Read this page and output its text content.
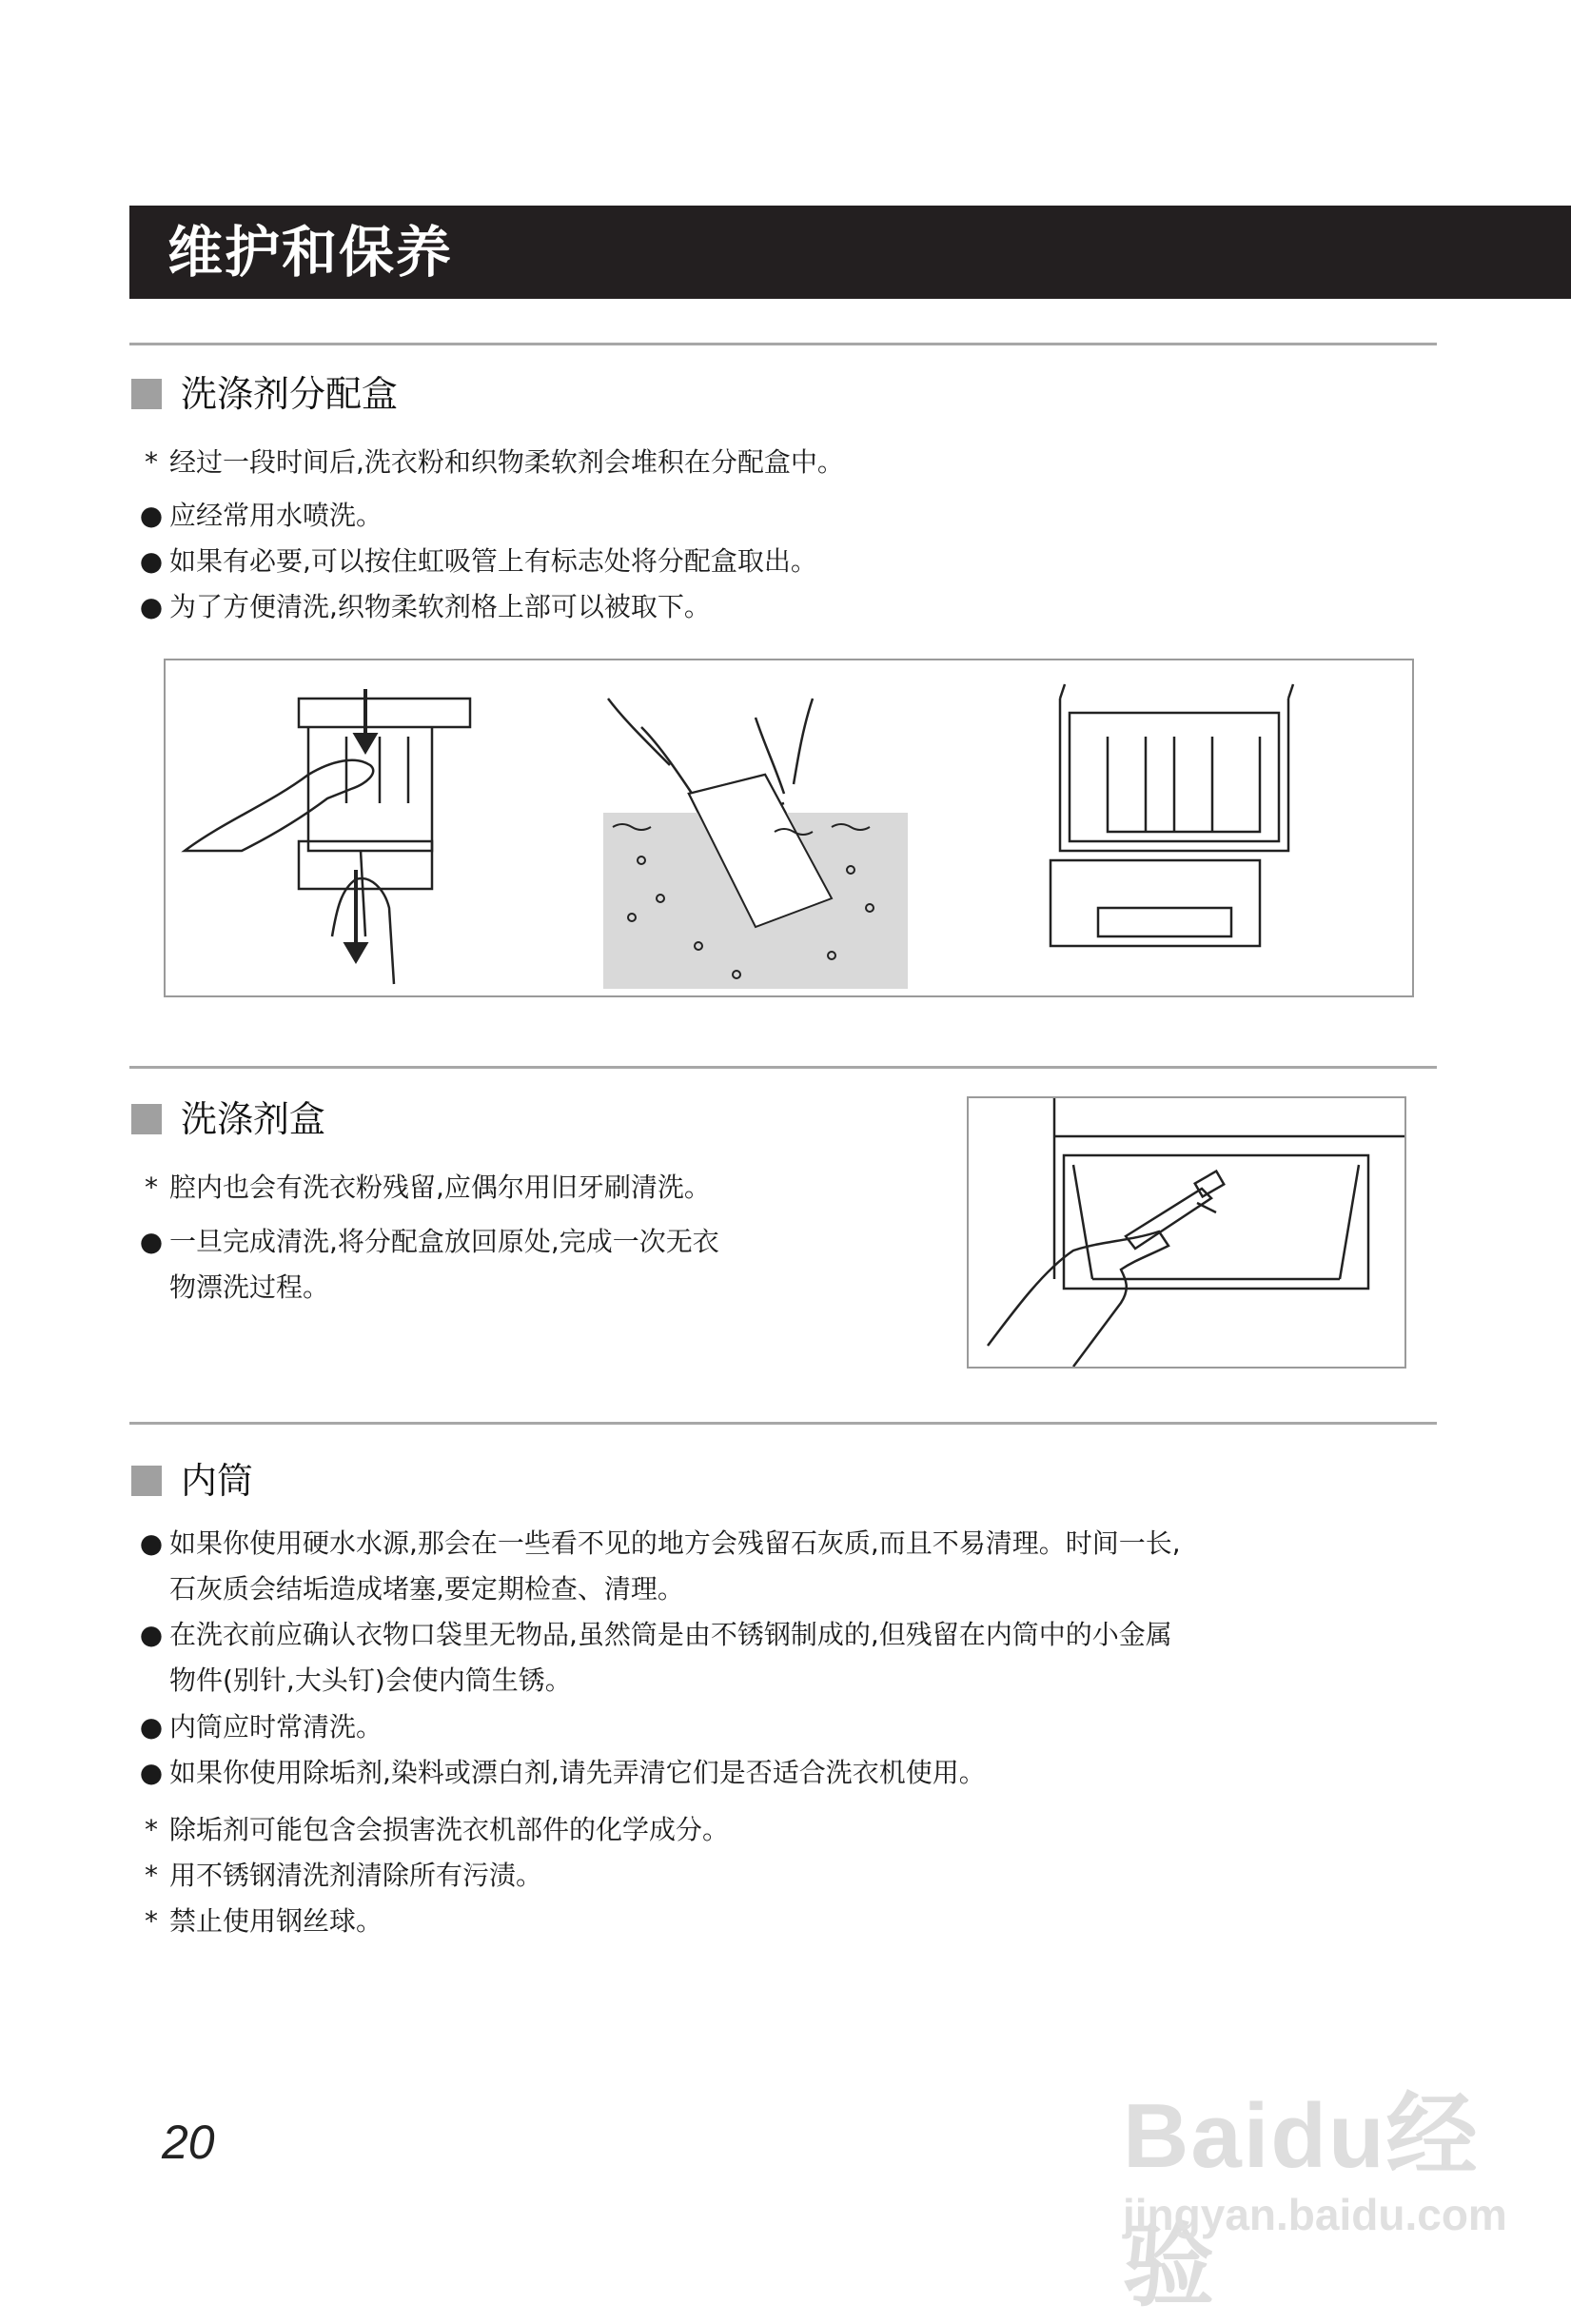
维护和保养
洗涤剂分配盒
* 经过一段时间后,洗衣粉和织物柔软剂会堆积在分配盒中。
● 应经常用水喷洗。
● 如果有必要,可以按住虹吸管上有标志处将分配盒取出。
● 为了方便清洗,织物柔软剂格上部可以被取下。
洗涤剂盒
* 腔内也会有洗衣粉残留,应偶尔用旧牙刷清洗。
● 一旦完成清洗,将分配盒放回原处,完成一次无衣
物漂洗过程。
内筒
● 如果你使用硬水水源,那会在一些看不见的地方会残留石灰质,而且不易清理。时间一长,
石灰质会结垢造成堵塞,要定期检查、清理。
● 在洗衣前应确认衣物口袋里无物品,虽然筒是由不锈钢制成的,但残留在内筒中的小金属
物件(别针,大头钉)会使内筒生锈。
● 内筒应时常清洗。
● 如果你使用除垢剂,染料或漂白剂,请先弄清它们是否适合洗衣机使用。
* 除垢剂可能包含会损害洗衣机部件的化学成分。
* 用不锈钢清洗剂清除所有污渍。
* 禁止使用钢丝球。
20	Baidu经验
jingyan.baidu.com
